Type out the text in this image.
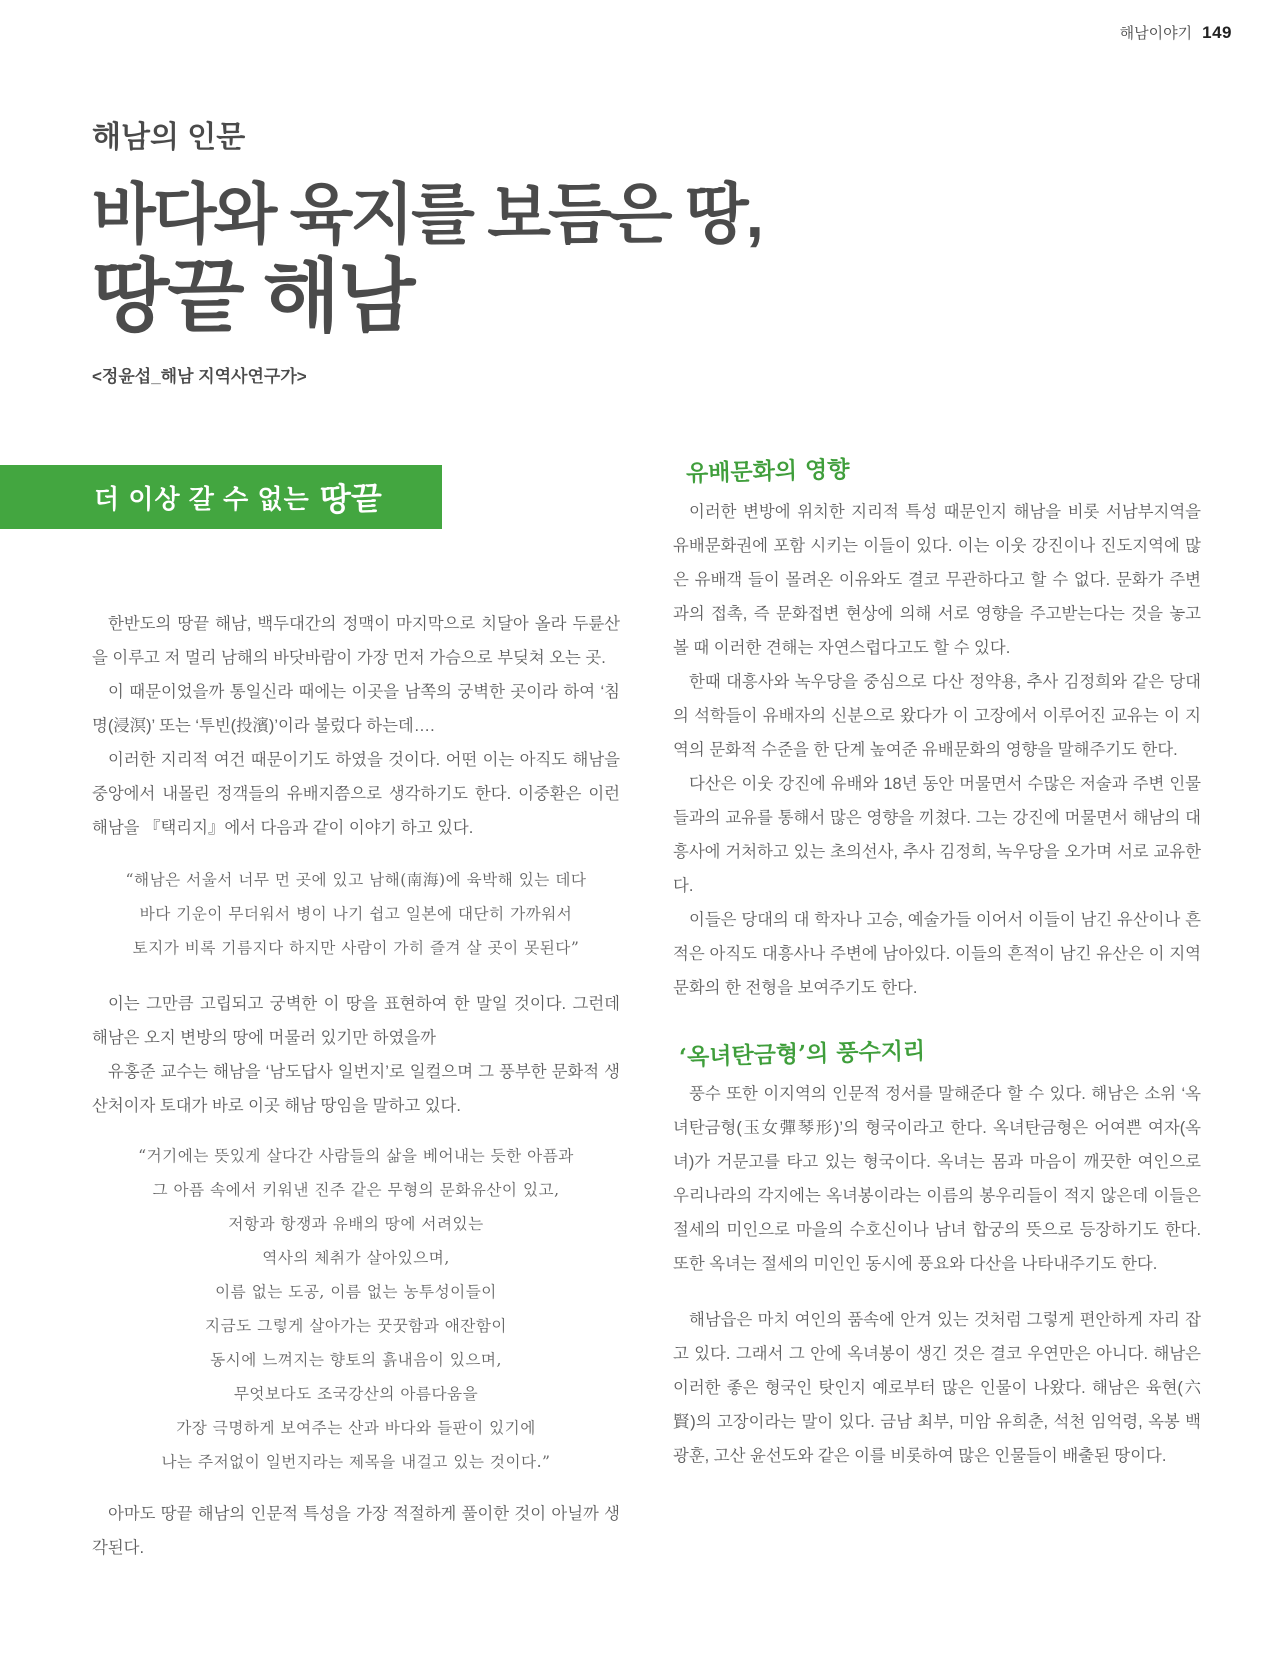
해남이야기 149
해남의 인문
바다와 육지를 보듬은 땅,
땅끝 해남
<정윤섭_해남 지역사연구가>
더 이상 갈 수 없는 땅끝
유배문화의 영향

한반도의 땅끝 해남, 백두대간의 정맥이 마지막으로 치달아 올라 두륜산을 이루고 저 멀리 남해의 바닷바람이 가장 먼저 가슴으로 부딪쳐 오는 곳.

이 때문이었을까 통일신라 때에는 이곳을 남쪽의 궁벽한 곳이라 하여 ‘침명(浸溟)’ 또는 ‘투빈(投濱)’이라 불렀다 하는데….

이러한 지리적 여건 때문이기도 하였을 것이다. 어떤 이는 아직도 해남을 중앙에서 내몰린 정객들의 유배지쯤으로 생각하기도 한다. 이중환은 이런 해남을 『택리지』에서 다음과 같이 이야기 하고 있다.

“해남은 서울서 너무 먼 곳에 있고 남해(南海)에 육박해 있는 데다
바다 기운이 무더워서 병이 나기 쉽고 일본에 대단히 가까워서
토지가 비록 기름지다 하지만 사람이 가히 즐겨 살 곳이 못된다”

이는 그만큼 고립되고 궁벽한 이 땅을 표현하여 한 말일 것이다. 그런데 해남은 오지 변방의 땅에 머물러 있기만 하였을까

유홍준 교수는 해남을 ‘남도답사 일번지’로 일컬으며 그 풍부한 문화적 생산처이자 토대가 바로 이곳 해남 땅임을 말하고 있다.

“거기에는 뜻있게 살다간 사람들의 삶을 베어내는 듯한 아픔과
그 아픔 속에서 키워낸 진주 같은 무형의 문화유산이 있고,
저항과 항쟁과 유배의 땅에 서려있는
역사의 체취가 살아있으며,
이름 없는 도공, 이름 없는 농투성이들이
지금도 그렇게 살아가는 꿋꿋함과 애잔함이
동시에 느껴지는 향토의 흙내음이 있으며,
무엇보다도 조국강산의 아름다움을
가장 극명하게 보여주는 산과 바다와 들판이 있기에
나는 주저없이 일번지라는 제목을 내걸고 있는 것이다.”

아마도 땅끝 해남의 인문적 특성을 가장 적절하게 풀이한 것이 아닐까 생각된다.

이러한 변방에 위치한 지리적 특성 때문인지 해남을 비롯 서남부지역을 유배문화권에 포함 시키는 이들이 있다. 이는 이웃 강진이나 진도지역에 많은 유배객 들이 몰려온 이유와도 결코 무관하다고 할 수 없다. 문화가 주변과의 접촉, 즉 문화접변 현상에 의해 서로 영향을 주고받는다는 것을 놓고 볼 때 이러한 견해는 자연스럽다고도 할 수 있다.

한때 대흥사와 녹우당을 중심으로 다산 정약용, 추사 김정희와 같은 당대의 석학들이 유배자의 신분으로 왔다가 이 고장에서 이루어진 교유는 이 지역의 문화적 수준을 한 단계 높여준 유배문화의 영향을 말해주기도 한다.

다산은 이웃 강진에 유배와 18년 동안 머물면서 수많은 저술과 주변 인물들과의 교유를 통해서 많은 영향을 끼쳤다. 그는 강진에 머물면서 해남의 대흥사에 거처하고 있는 초의선사, 추사 김정희, 녹우당을 오가며 서로 교유한다.

이들은 당대의 대 학자나 고승, 예술가들 이어서 이들이 남긴 유산이나 흔적은 아직도 대흥사나 주변에 남아있다. 이들의 흔적이 남긴 유산은 이 지역 문화의 한 전형을 보여주기도 한다.

‘옥녀탄금형’의 풍수지리

풍수 또한 이지역의 인문적 정서를 말해준다 할 수 있다. 해남은 소위 ‘옥녀탄금형(玉女彈琴形)’의 형국이라고 한다. 옥녀탄금형은 어여쁜 여자(옥녀)가 거문고를 타고 있는 형국이다. 옥녀는 몸과 마음이 깨끗한 여인으로 우리나라의 각지에는 옥녀봉이라는 이름의 봉우리들이 적지 않은데 이들은 절세의 미인으로 마을의 수호신이나 남녀 합궁의 뜻으로 등장하기도 한다. 또한 옥녀는 절세의 미인인 동시에 풍요와 다산을 나타내주기도 한다.

해남읍은 마치 여인의 품속에 안겨 있는 것처럼 그렇게 편안하게 자리 잡고 있다. 그래서 그 안에 옥녀봉이 생긴 것은 결코 우연만은 아니다. 해남은 이러한 좋은 형국인 탓인지 예로부터 많은 인물이 나왔다. 해남은 육현(六賢)의 고장이라는 말이 있다. 금남 최부, 미암 유희춘, 석천 임억령, 옥봉 백광훈, 고산 윤선도와 같은 이를 비롯하여 많은 인물들이 배출된 땅이다.
